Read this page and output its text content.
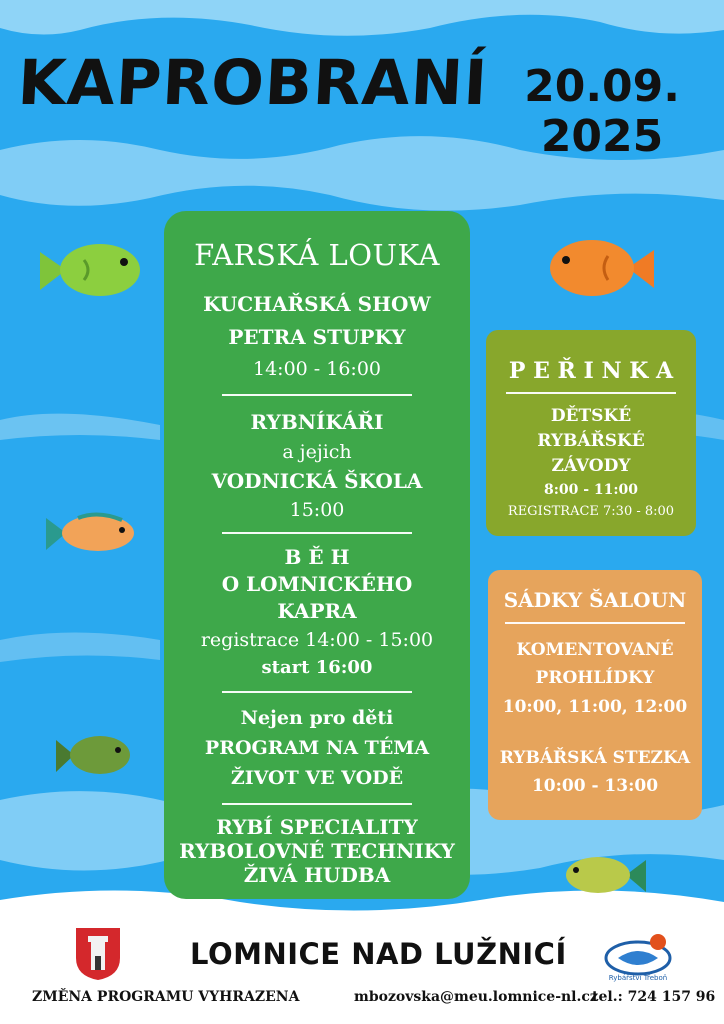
KAPROBRANÍ 20.09.
2025
FARSKÁ LOUKA
KUCHAŘSKÁ SHOW
PETRA STUPKY
14:00 - 16:00
RYBNÍKÁŘI
a jejich
VODNICKÁ ŠKOLA
15:00
B Ě H
O LOMNICKÉHO
KAPRA
registrace 14:00 - 15:00
start 16:00
Nejen pro děti
PROGRAM NA TÉMA
ŽIVOT VE VODĚ
RYBÍ SPECIALITY
RYBOLOVNÉ TECHNIKY
ŽIVÁ HUDBA
P E Ř I N K A
DĚTSKÉ
RYBÁŘSKÉ
ZÁVODY
8:00 - 11:00
REGISTRACE 7:30 - 8:00
SÁDKY ŠALOUN
KOMENTOVANÉ
PROHLÍDKY
10:00, 11:00, 12:00
RYBÁŘSKÁ STEZKA
10:00 - 13:00
LOMNICE NAD LUŽNICÍ
Rybářství Třeboň
ZMĚNA PROGRAMU VYHRAZENA	mbozovska@meu.lomnice-nl.cz
tel.: 724 157 96
